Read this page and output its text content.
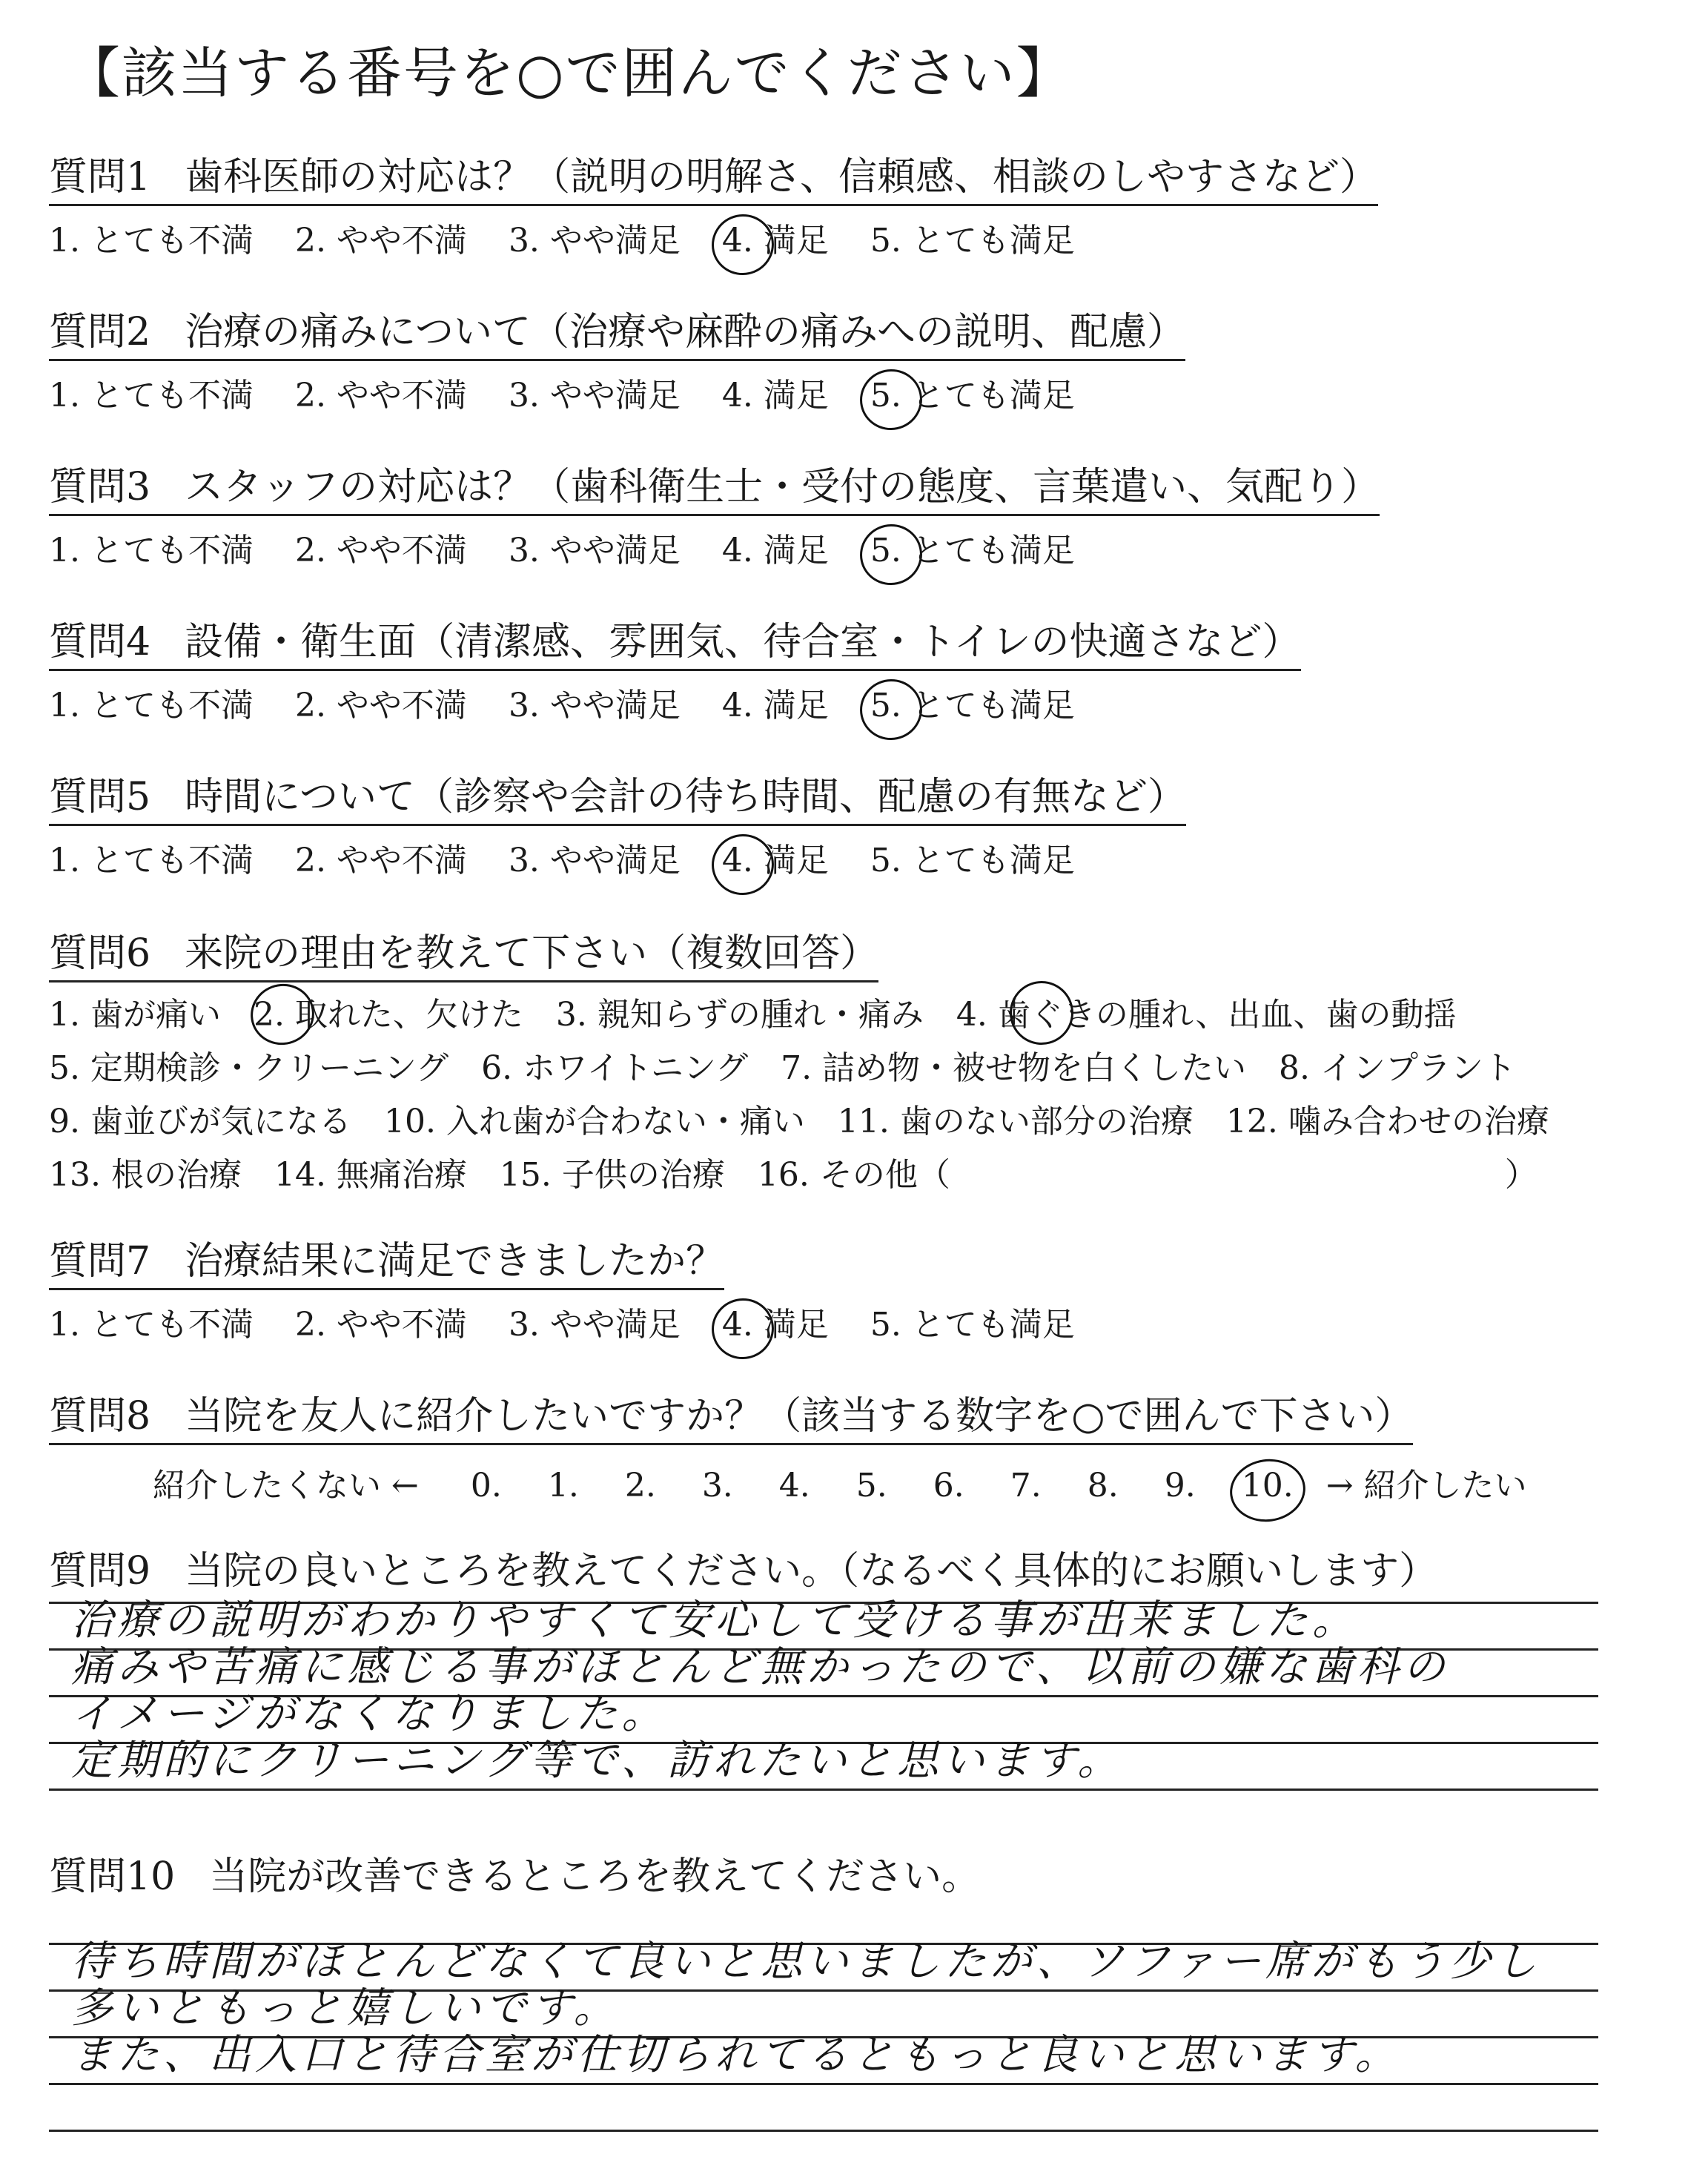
【該当する番号を○で囲んでください】
質問1 歯科医師の対応は？（説明の明解さ、信頼感、相談のしやすさなど）
1. とても不満 2. やや不満 3. やや満足 4. 満足 5. とても満足
質問2 治療の痛みについて（治療や麻酔の痛みへの説明、配慮）
1. とても不満 2. やや不満 3. やや満足 4. 満足 5. とても満足
質問3 スタッフの対応は？（歯科衛生士・受付の態度、言葉遣い、気配り）
1. とても不満 2. やや不満 3. やや満足 4. 満足 5. とても満足
質問4 設備・衛生面（清潔感、雰囲気、待合室・トイレの快適さなど）
1. とても不満 2. やや不満 3. やや満足 4. 満足 5. とても満足
質問5 時間について（診察や会計の待ち時間、配慮の有無など）
1. とても不満 2. やや不満 3. やや満足 4. 満足 5. とても満足
質問6 来院の理由を教えて下さい（複数回答）
1. 歯が痛い　2. 取れた、欠けた　3. 親知らずの腫れ・痛み　4. 歯ぐきの腫れ、出血、歯の動揺
5. 定期検診・クリーニング　6. ホワイトニング　7. 詰め物・被せ物を白くしたい　8. インプラント
9. 歯並びが気になる　10. 入れ歯が合わない・痛い　11. 歯のない部分の治療　12. 噛み合わせの治療
13. 根の治療　14. 無痛治療　15. 子供の治療　16. その他（　　　　　　　　　　　　　　　　　）
質問7 治療結果に満足できましたか？
1. とても不満 2. やや不満 3. やや満足 4. 満足 5. とても満足
質問8 当院を友人に紹介したいですか？（該当する数字を○で囲んで下さい）
紹介したくない ← 0. 1. 2. 3. 4. 5. 6. 7. 8. 9. 10. → 紹介したい
質問9 当院の良いところを教えてください。（なるべく具体的にお願いします）
治療の説明がわかりやすくて安心して受ける事が出来ました。
痛みや苦痛に感じる事がほとんど無かったので、以前の嫌な歯科の
イメージがなくなりました。
定期的にクリーニング等で、訪れたいと思います。
質問10 当院が改善できるところを教えてください。
待ち時間がほとんどなくて良いと思いましたが、ソファー席がもう少し
多いともっと嬉しいです。
また、出入口と待合室が仕切られてるともっと良いと思います。
